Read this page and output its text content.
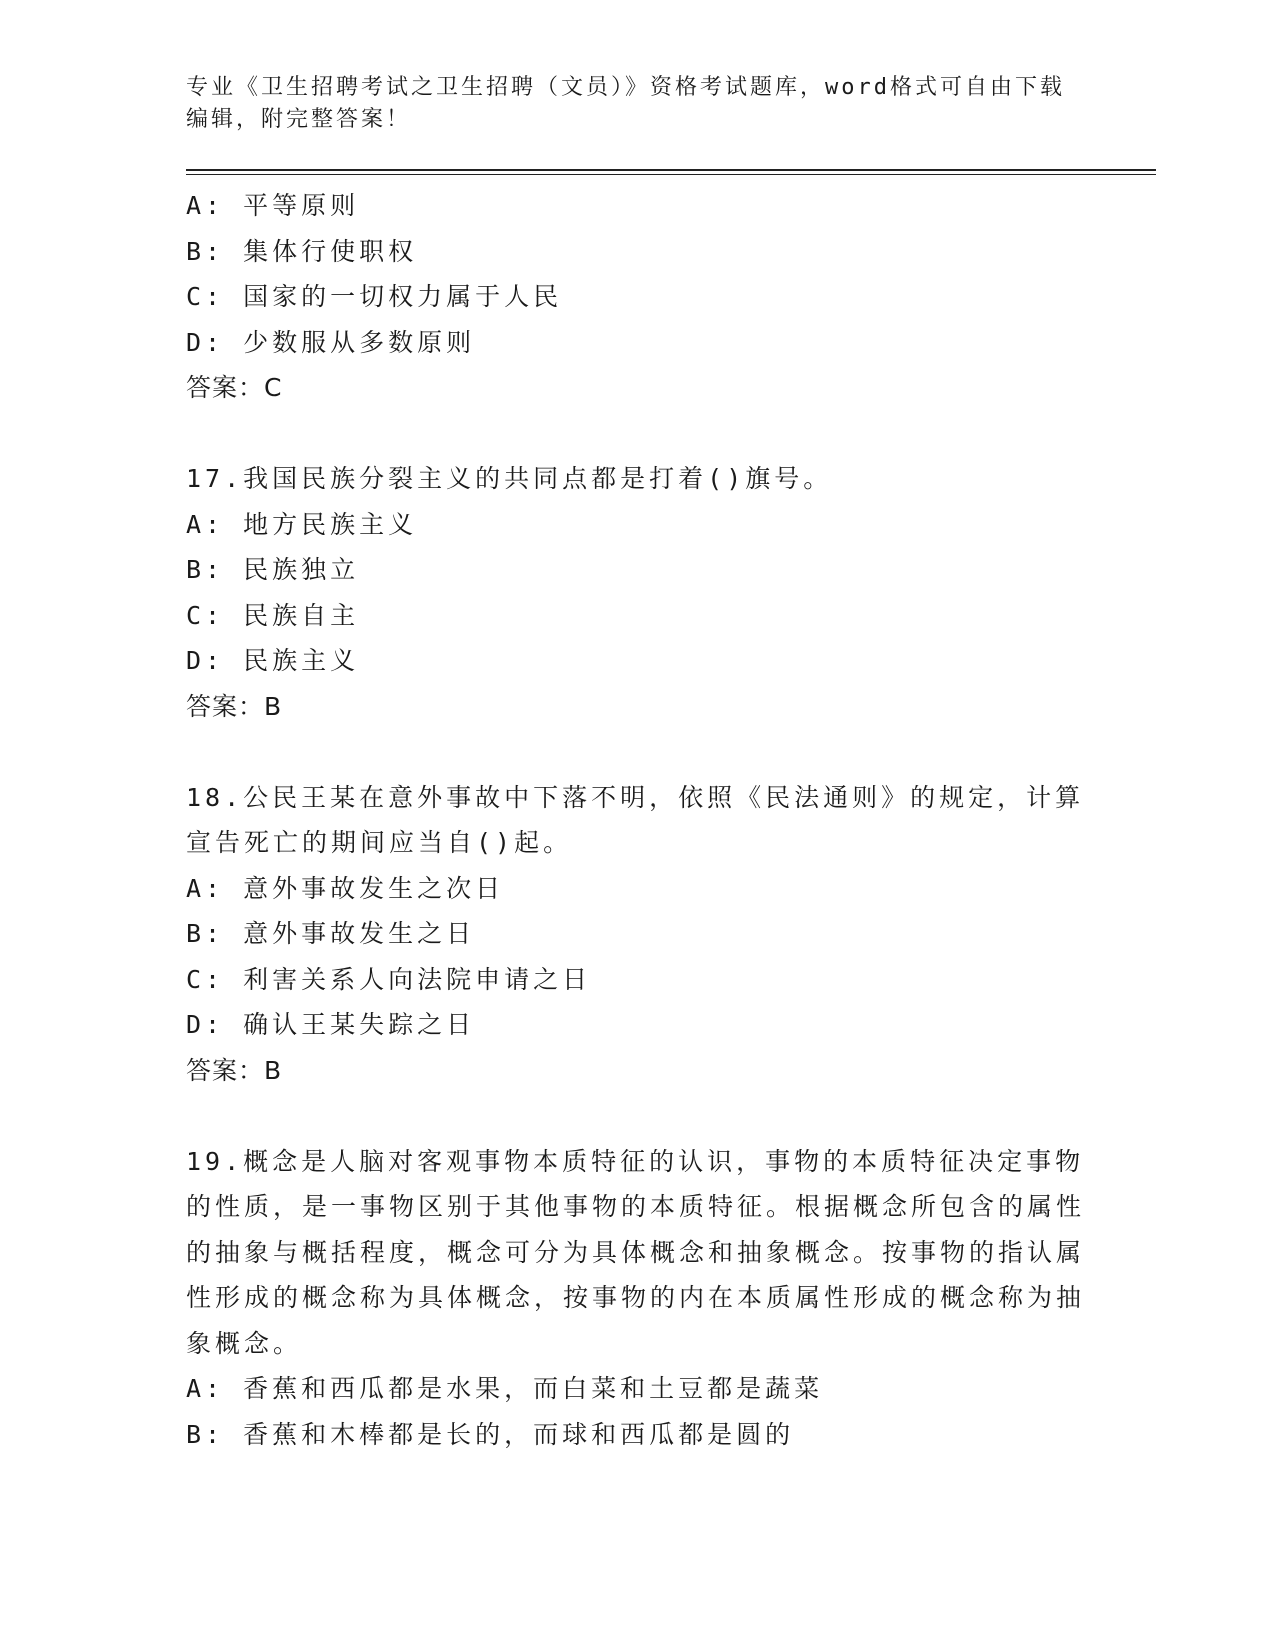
专业《卫生招聘考试之卫生招聘（文员）》资格考试题库，word格式可自由下载编辑，附完整答案！
A: 平等原则
B: 集体行使职权
C: 国家的一切权力属于人民
D: 少数服从多数原则
答案：C
17.我国民族分裂主义的共同点都是打着()旗号。
A: 地方民族主义
B: 民族独立
C: 民族自主
D: 民族主义
答案：B
18.公民王某在意外事故中下落不明，依照《民法通则》的规定，计算宣告死亡的期间应当自()起。
A: 意外事故发生之次日
B: 意外事故发生之日
C: 利害关系人向法院申请之日
D: 确认王某失踪之日
答案：B
19.概念是人脑对客观事物本质特征的认识，事物的本质特征决定事物的性质，是一事物区别于其他事物的本质特征。根据概念所包含的属性的抽象与概括程度，概念可分为具体概念和抽象概念。按事物的指认属性形成的概念称为具体概念，按事物的内在本质属性形成的概念称为抽象概念。
A: 香蕉和西瓜都是水果，而白菜和土豆都是蔬菜
B: 香蕉和木棒都是长的，而球和西瓜都是圆的
